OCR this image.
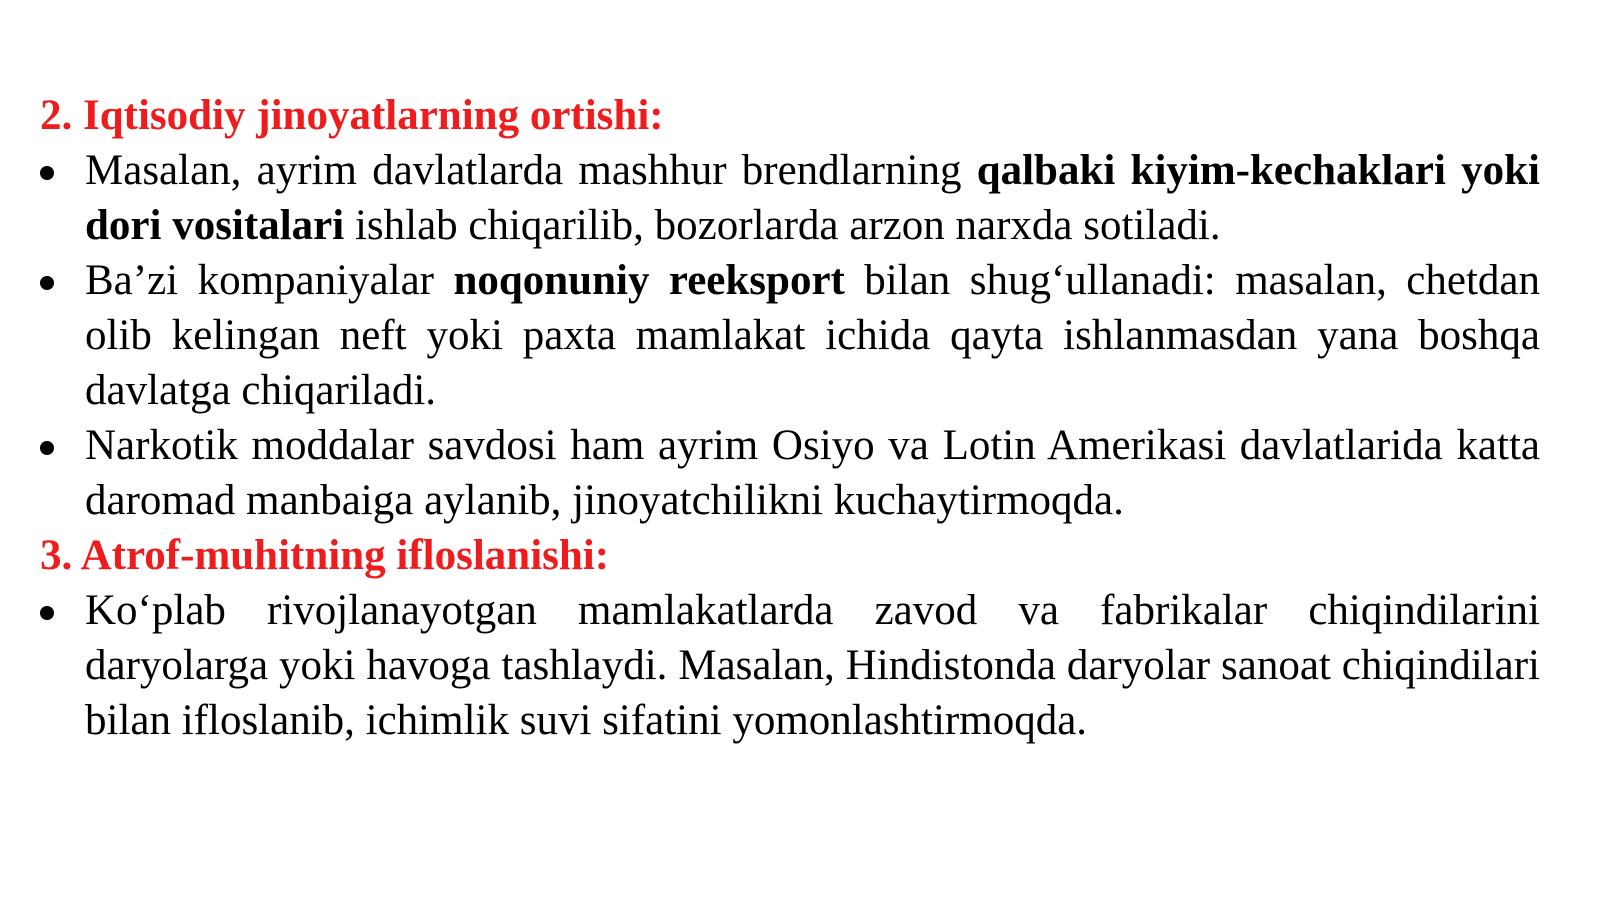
2. Iqtisodiy jinoyatlarning ortishi:
Masalan, ayrim davlatlarda mashhur brendlarning qalbaki kiyim-kechaklari yoki dori vositalari ishlab chiqarilib, bozorlarda arzon narxda sotiladi.
Ba’zi kompaniyalar noqonuniy reeksport bilan shug‘ullanadi: masalan, chetdan olib kelingan neft yoki paxta mamlakat ichida qayta ishlanmasdan yana boshqa davlatga chiqariladi.
Narkotik moddalar savdosi ham ayrim Osiyo va Lotin Amerikasi davlatlarida katta daromad manbaiga aylanib, jinoyatchilikni kuchaytirmoqda.
3. Atrof-muhitning ifloslanishi:
Ko‘plab rivojlanayotgan mamlakatlarda zavod va fabrikalar chiqindilarini daryolarga yoki havoga tashlaydi. Masalan, Hindistonda daryolar sanoat chiqindilari bilan ifloslanib, ichimlik suvi sifatini yomonlashtirmoqda.
